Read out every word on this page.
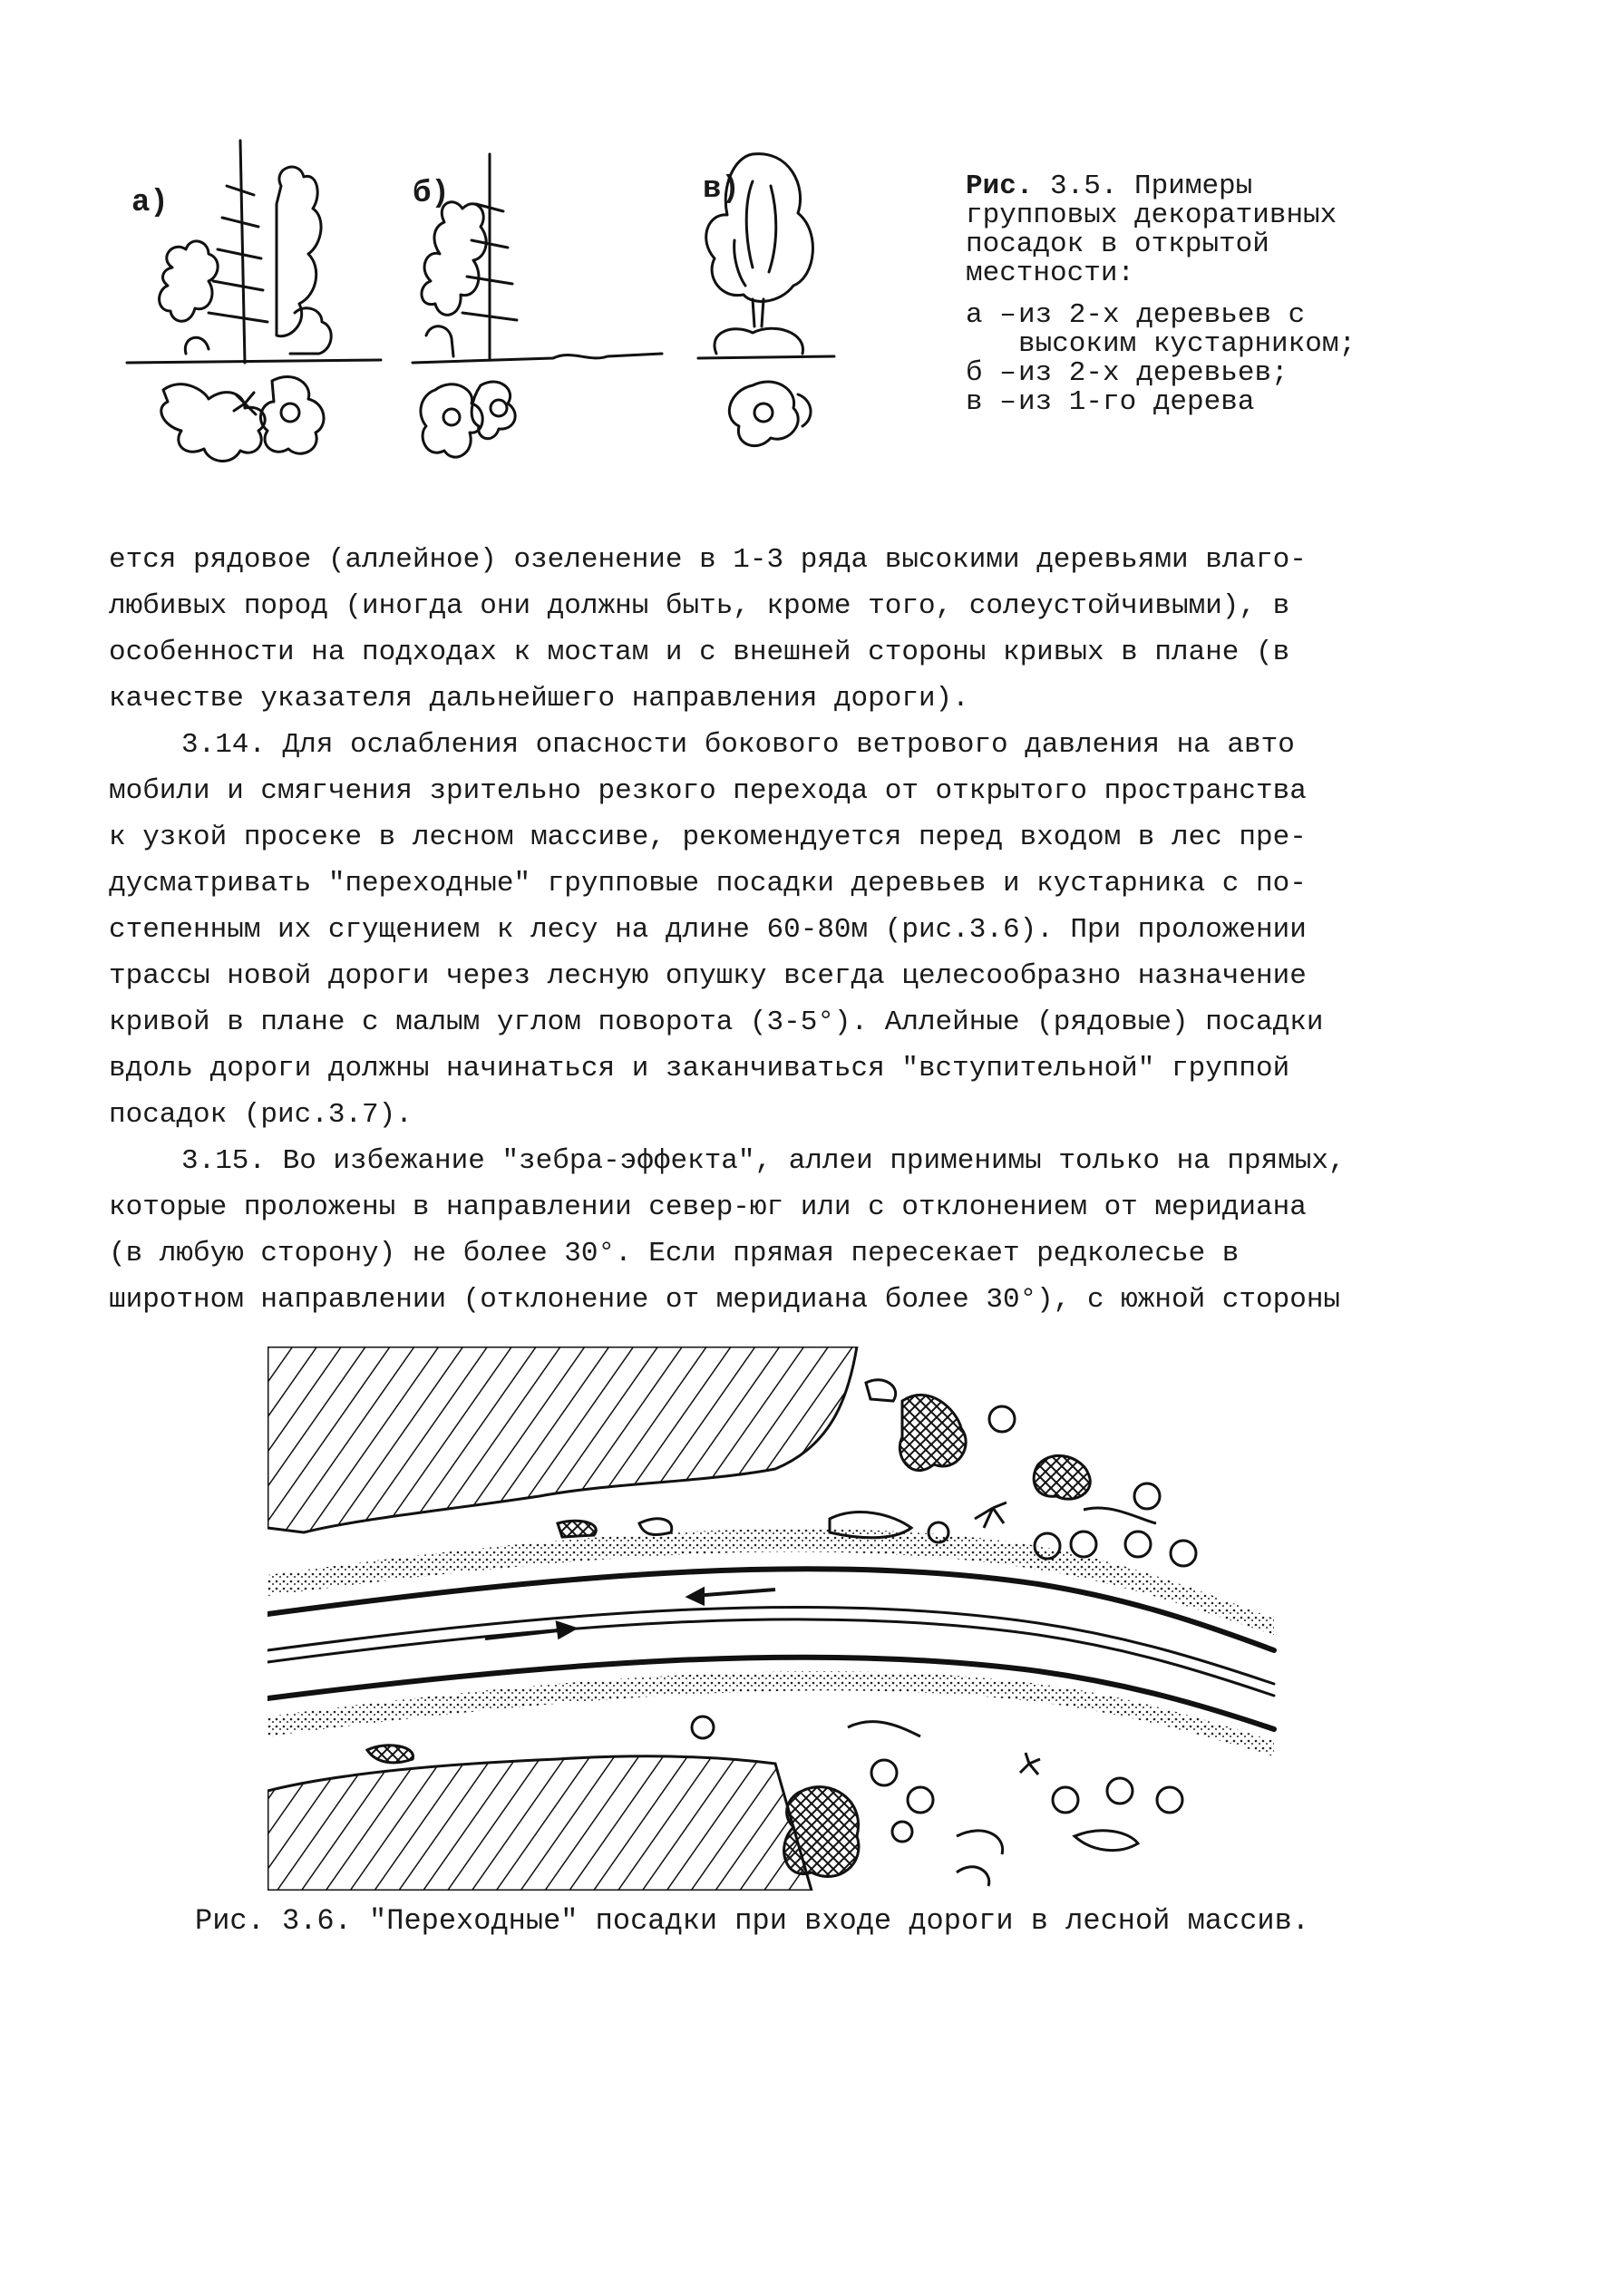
а)	б)	в)	Рис. 3.5. Примеры групповых декоративных посадок в открытой местности:
а – из 2-х деревьев с высоким кустарником;
б – из 2-х деревьев;
в – из 1-го дерева

ется рядовое (аллейное) озеленение в 1-3 ряда высокими деревьями влаго-
любивых пород (иногда они должны быть, кроме того, солеустойчивыми), в
особенности на подходах к мостам и с внешней стороны кривых в плане (в
качестве указателя дальнейшего направления дороги).

3.14. Для ослабления опасности бокового ветрового давления на авто
мобили и смягчения зрительно резкого перехода от открытого пространства
к узкой просеке в лесном массиве, рекомендуется перед входом в лес пре-
дусматривать "переходные" групповые посадки деревьев и кустарника с по-
степенным их сгущением к лесу на длине 60-80м (рис.3.6). При проложении
трассы новой дороги через лесную опушку всегда целесообразно назначение
кривой в плане с малым углом поворота (3-5°). Аллейные (рядовые) посадки
вдоль дороги должны начинаться и заканчиваться "вступительной" группой
посадок (рис.3.7).

3.15. Во избежание "зебра-эффекта", аллеи применимы только на прямых,
которые проложены в направлении север-юг или с отклонением от меридиана
(в любую сторону) не более 30°. Если прямая пересекает редколесье в
широтном направлении (отклонение от меридиана более 30°), с южной стороны

Рис. 3.6. "Переходные" посадки при входе дороги в лесной массив.
